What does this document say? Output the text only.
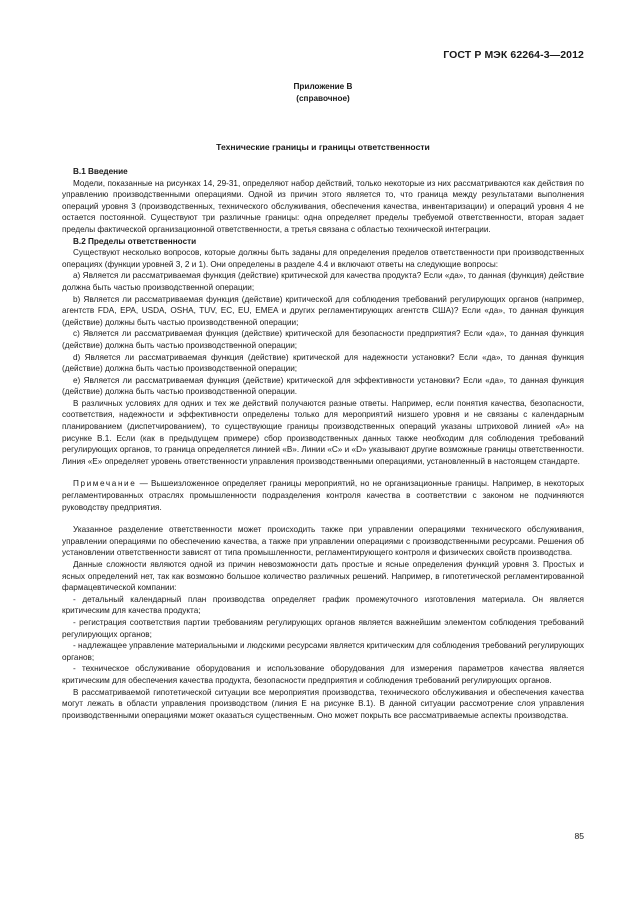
ГОСТ Р МЭК 62264-3—2012
Приложение В
(справочное)
Технические границы и границы ответственности
В.1 Введение

Модели, показанные на рисунках 14, 29-31, определяют набор действий, только некоторые из них рассматриваются как действия по управлению производственными операциями. Одной из причин этого является то, что граница между результатами выполнения операций уровня 3 (производственных, технического обслуживания, обеспечения качества, инвентаризации) и операций уровня 4 не остается постоянной. Существуют три различные границы: одна определяет пределы требуемой ответственности, вторая задает пределы фактической организационной ответственности, а третья связана с областью технической интеграции.

В.2 Пределы ответственности

Существуют несколько вопросов, которые должны быть заданы для определения пределов ответственности при производственных операциях (функции уровней 3, 2 и 1). Они определены в разделе 4.4 и включают ответы на следующие вопросы:

a) Является ли рассматриваемая функция (действие) критической для качества продукта? Если «да», то данная (функция) действие должна быть частью производственной операции;

b) Является ли рассматриваемая функция (действие) критической для соблюдения требований регулирующих органов (например, агентств FDA, EPA, USDA, OSHA, TUV, EC, EU, EMEA и других регламентирующих агентств США)? Если «да», то данная функция (действие) должны быть частью производственной операции;

c) Является ли рассматриваемая функция (действие) критической для безопасности предприятия? Если «да», то данная функция (действие) должна быть частью производственной операции;

d) Является ли рассматриваемая функция (действие) критической для надежности установки? Если «да», то данная функция (действие) должна быть частью производственной операции;

e) Является ли рассматриваемая функция (действие) критической для эффективности установки? Если «да», то данная функция (действие) должна быть частью производственной операции.

В различных условиях для одних и тех же действий получаются разные ответы. Например, если понятия качества, безопасности, соответствия, надежности и эффективности определены только для мероприятий низшего уровня и не связаны с календарным планированием (диспетчированием), то существующие границы производственных операций указаны штриховой линией «А» на рисунке В.1. Если (как в предыдущем примере) сбор производственных данных также необходим для соблюдения требований регулирующих органов, то граница определяется линией «В». Линии «С» и «D» указывают другие возможные границы ответственности. Линия «Е» определяет уровень ответственности управления производственными операциями, установленный в настоящем стандарте.

Примечание — Вышеизложенное определяет границы мероприятий, но не организационные границы. Например, в некоторых регламентированных отраслях промышленности подразделения контроля качества в соответствии с законом не подчиняются руководству предприятия.

Указанное разделение ответственности может происходить также при управлении операциями технического обслуживания, управлении операциями по обеспечению качества, а также при управлении операциями с производственными ресурсами. Решения об установлении ответственности зависят от типа промышленности, регламентирующего контроля и физических свойств производства.

Данные сложности являются одной из причин невозможности дать простые и ясные определения функций уровня 3. Простых и ясных определений нет, так как возможно большое количество различных решений. Например, в гипотетической регламентированной фармацевтической компании:

- детальный календарный план производства определяет график промежуточного изготовления материала. Он является критическим для качества продукта;

- регистрация соответствия партии требованиям регулирующих органов является важнейшим элементом соблюдения требований регулирующих органов;

- надлежащее управление материальными и людскими ресурсами является критическим для соблюдения требований регулирующих органов;

- техническое обслуживание оборудования и использование оборудования для измерения параметров качества является критическим для обеспечения качества продукта, безопасности предприятия и соблюдения требований регулирующих органов.

В рассматриваемой гипотетической ситуации все мероприятия производства, технического обслуживания и обеспечения качества могут лежать в области управления производством (линия Е на рисунке В.1). В данной ситуации рассмотрение слоя управления производственными операциями может оказаться существенным. Оно может покрыть все рассматриваемые аспекты производства.

85
